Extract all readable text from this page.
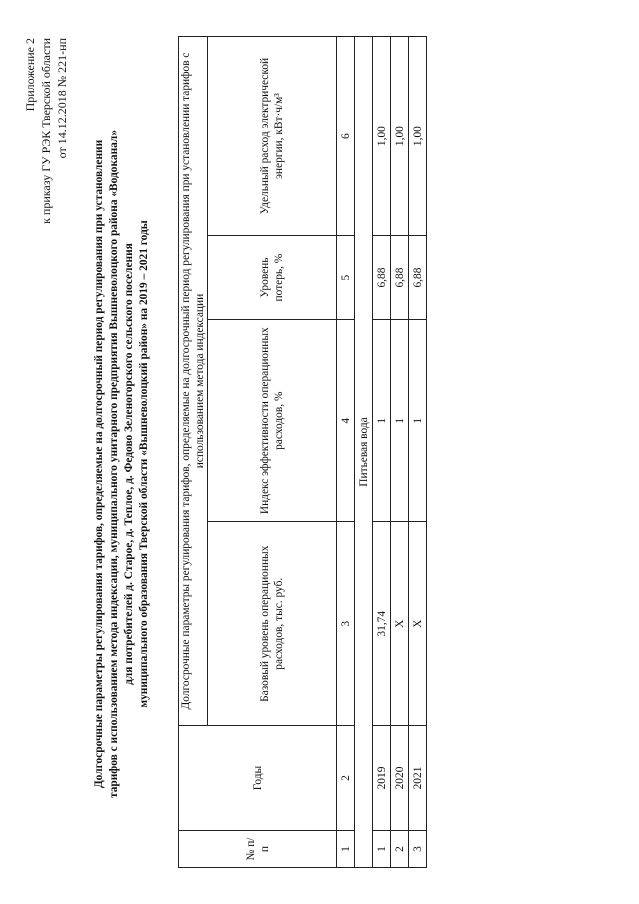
Приложение 2 к приказу ГУ РЭК Тверской области от 14.12.2018 № 221-нп
Долгосрочные параметры регулирования тарифов, определяемые на долгосрочный период регулирования при установлении тарифов с использованием метода индексации, муниципального унитарного предприятия Вышневолоцкого района «Водоканал» для потребителей д. Старое, д. Теплое, д. Федово Зеленогорского сельского поселения муниципального образования Тверской области «Вышневолоцкий район» на 2019 – 2021 годы
№ п/п	Годы	Долгосрочные параметры регулирования тарифов, определяемые на долгосрочный период регулирования при установлении тарифов с использованием метода индексации			
		Базовый уровень операционных расходов, тыс. руб.	Индекс эффективности операционных расходов, %	Уровень потерь, %	Удельный расход электрической энергии, кВт·ч/м³
1	2	3	4	5	6
Питьевая вода					
1	2019	31,74	1	6,88	1,00
2	2020	X	1	6,88	1,00
3	2021	X	1	6,88	1,00
